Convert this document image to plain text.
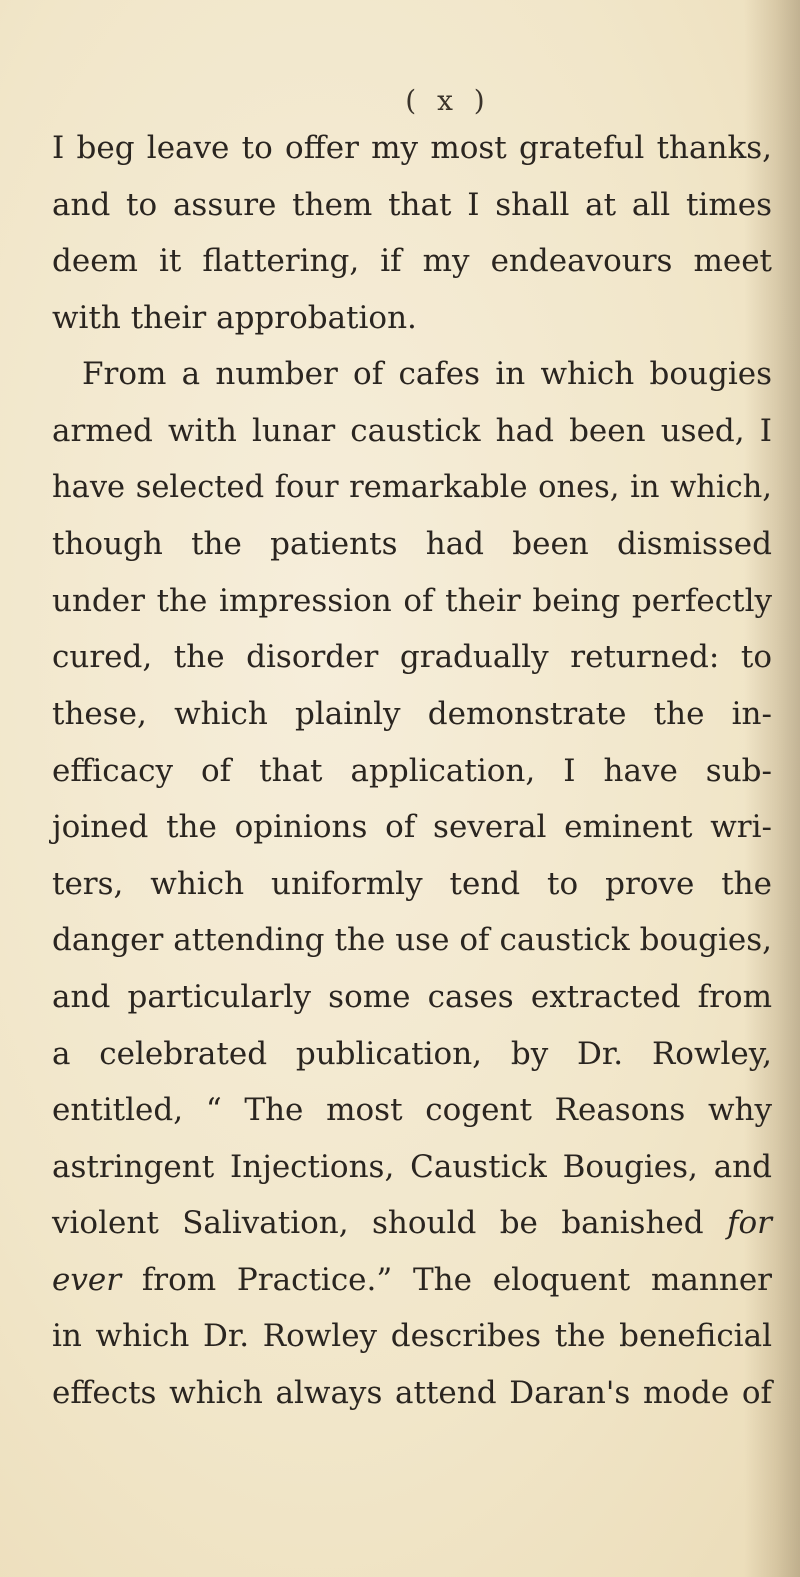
( x )
I beg leave to offer my most grateful thanks,
and to assure them that I shall at all times
deem it flattering, if my endeavours meet
with their approbation.
From a number of cafes in which bougies
armed with lunar caustick had been used, I
have selected four remarkable ones, in which,
though the patients had been dismissed
under the impression of their being perfectly
cured, the disorder gradually returned: to
these, which plainly demonstrate the in-
efficacy of that application, I have sub-
joined the opinions of several eminent wri-
ters, which uniformly tend to prove the
danger attending the use of caustick bougies,
and particularly some cases extracted from
a celebrated publication, by Dr. Rowley,
entitled, “ The most cogent Reasons why
astringent Injections, Caustick Bougies, and
violent Salivation, should be banished for
ever from Practice.” The eloquent manner
in which Dr. Rowley describes the beneficial
effects which always attend Daran's mode of
